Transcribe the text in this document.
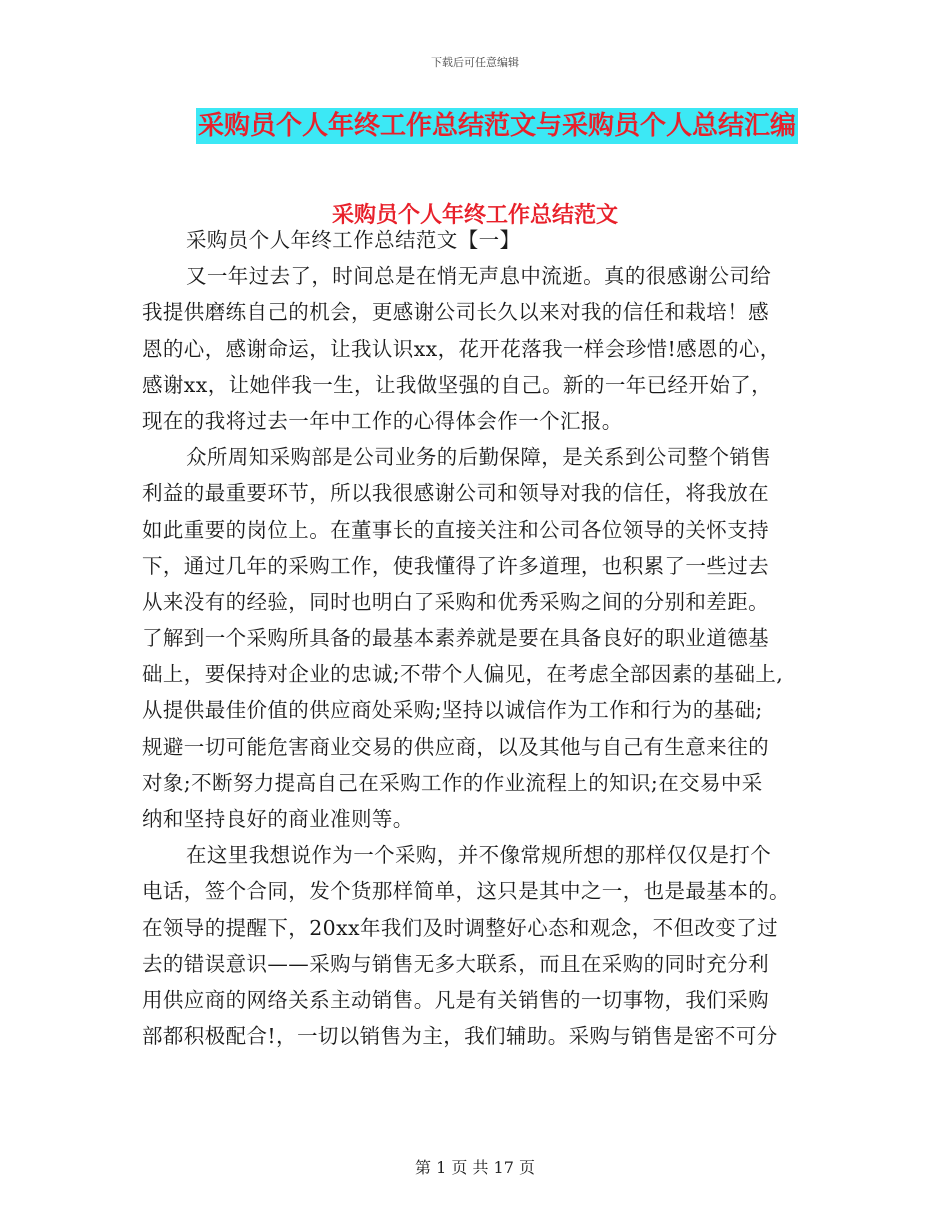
下载后可任意编辑
采购员个人年终工作总结范文与采购员个人总结汇编
采购员个人年终工作总结范文
采购员个人年终工作总结范文【一】
又一年过去了，时间总是在悄无声息中流逝。真的很感谢公司给
我提供磨练自己的机会，更感谢公司长久以来对我的信任和栽培！感
恩的心，感谢命运，让我认识xx，花开花落我一样会珍惜!感恩的心，
感谢xx，让她伴我一生，让我做坚强的自己。新的一年已经开始了，
现在的我将过去一年中工作的心得体会作一个汇报。
众所周知采购部是公司业务的后勤保障，是关系到公司整个销售
利益的最重要环节，所以我很感谢公司和领导对我的信任，将我放在
如此重要的岗位上。在董事长的直接关注和公司各位领导的关怀支持
下，通过几年的采购工作，使我懂得了许多道理，也积累了一些过去
从来没有的经验，同时也明白了采购和优秀采购之间的分别和差距。
了解到一个采购所具备的最基本素养就是要在具备良好的职业道德基
础上，要保持对企业的忠诚;不带个人偏见，在考虑全部因素的基础上,
从提供最佳价值的供应商处采购;坚持以诚信作为工作和行为的基础;
规避一切可能危害商业交易的供应商，以及其他与自己有生意来往的
对象;不断努力提高自己在采购工作的作业流程上的知识;在交易中采
纳和坚持良好的商业准则等。
在这里我想说作为一个采购，并不像常规所想的那样仅仅是打个
电话，签个合同，发个货那样简单，这只是其中之一，也是最基本的。
在领导的提醒下，20xx年我们及时调整好心态和观念，不但改变了过
去的错误意识——采购与销售无多大联系，而且在采购的同时充分利
用供应商的网络关系主动销售。凡是有关销售的一切事物，我们采购
部都积极配合!，一切以销售为主，我们辅助。采购与销售是密不可分
第 1 页 共 17 页
